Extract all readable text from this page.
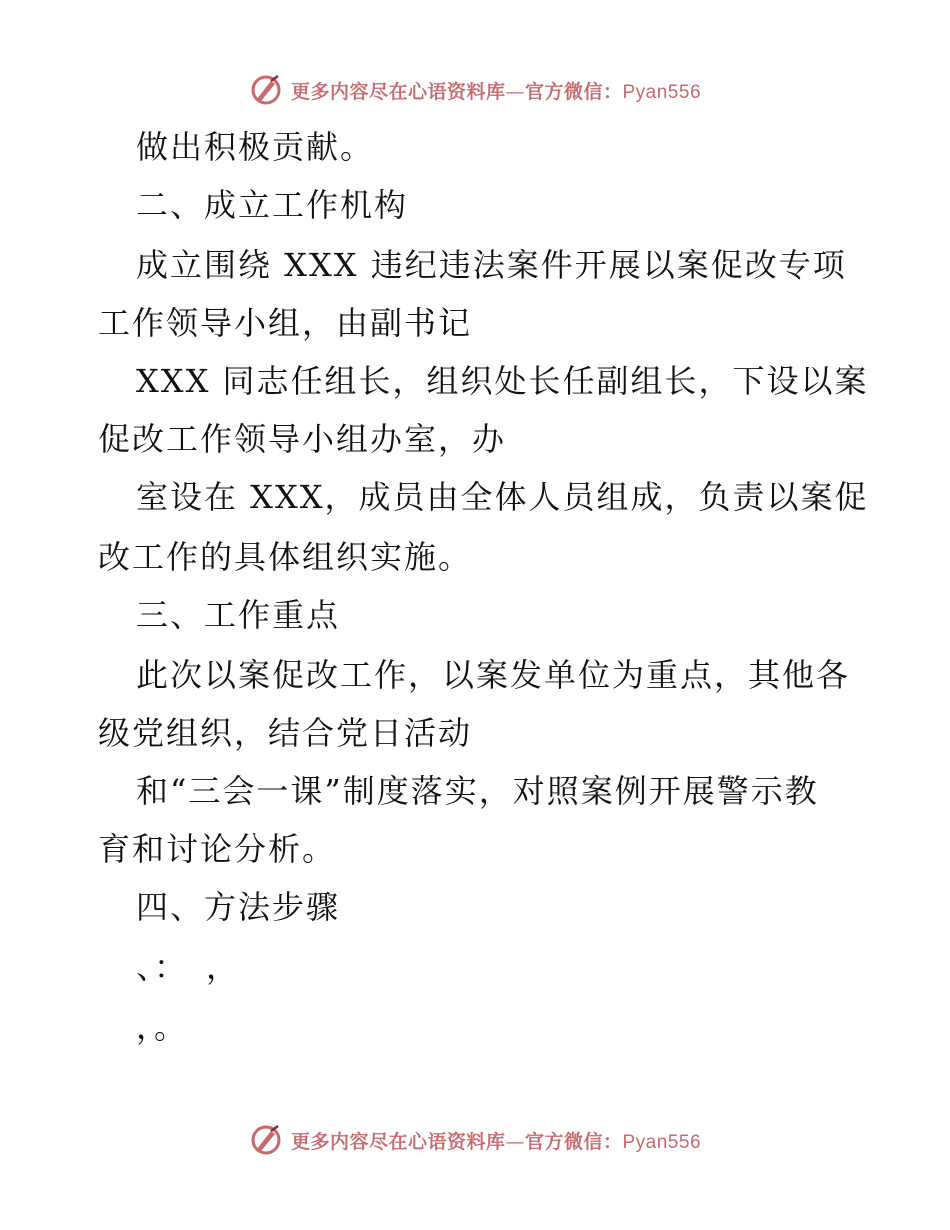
更多内容尽在心语资料库—官方微信：Pyan556
做出积极贡献。
二、成立工作机构
成立围绕 XXX 违纪违法案件开展以案促改专项
工作领导小组，由副书记
XXX 同志任组长，组织处长任副组长，下设以案
促改工作领导小组办室，办
室设在 XXX，成员由全体人员组成，负责以案促
改工作的具体组织实施。
三、工作重点
此次以案促改工作，以案发单位为重点，其他各
级党组织，结合党日活动
和“三会一课”制度落实，对照案例开展警示教
育和讨论分析。
四、方法步骤
、：　，
，。
更多内容尽在心语资料库—官方微信：Pyan556
